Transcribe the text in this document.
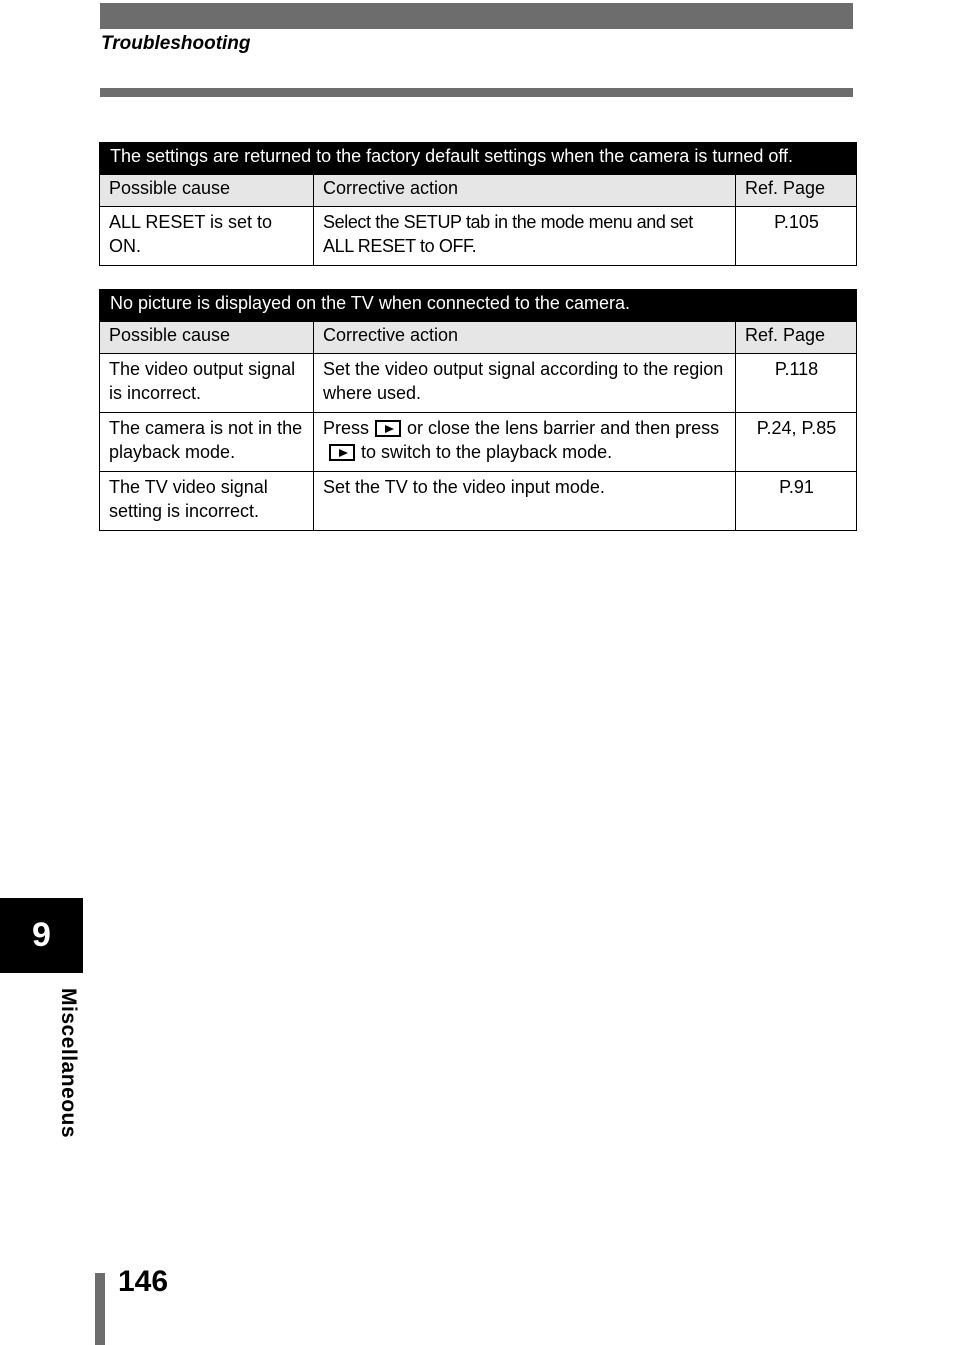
Troubleshooting
The settings are returned to the factory default settings when the camera is turned off.		
Possible cause	Corrective action	Ref. Page
ALL RESET is set to ON.	Select the SETUP tab in the mode menu and set ALL RESET to OFF.	P.105
No picture is displayed on the TV when connected to the camera.		
Possible cause	Corrective action	Ref. Page
The video output signal is incorrect.	Set the video output signal according to the region where used.	P.118
The camera is not in the playback mode.	Press or close the lens barrier and then pressto switch to the playback mode.	P.24, P.85
The TV video signal setting is incorrect.	Set the TV to the video input mode.	P.91
9
Miscellaneous
146
